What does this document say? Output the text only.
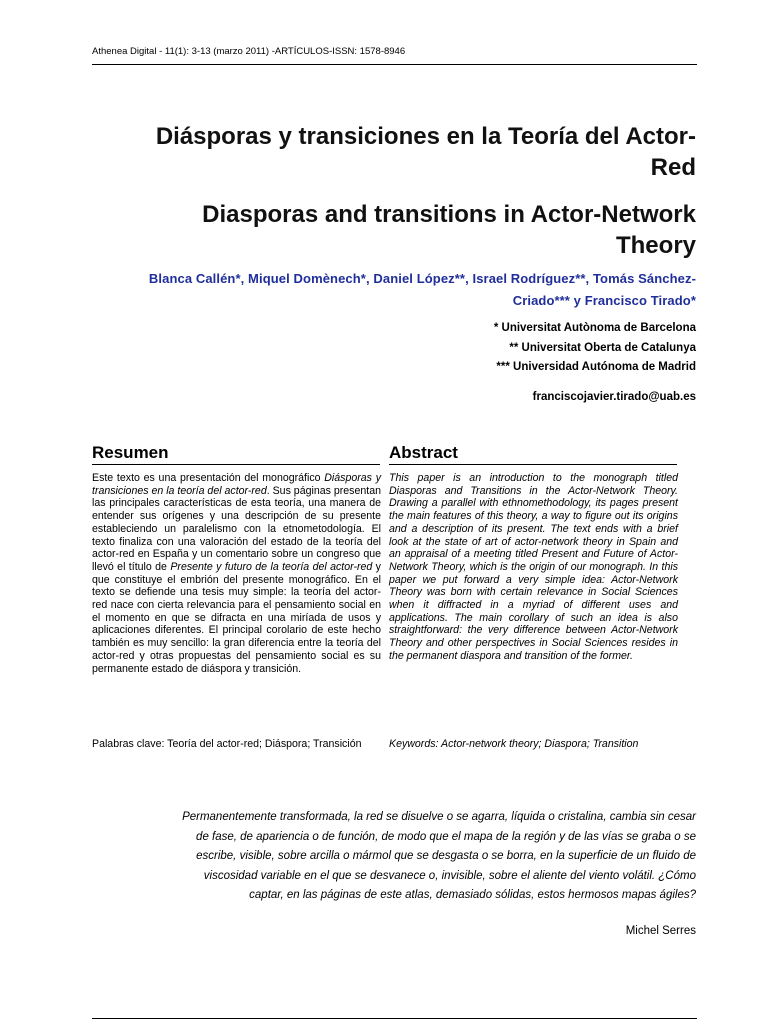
Athenea Digital - 11(1): 3-13 (marzo 2011) -ARTÍCULOS-ISSN: 1578-8946
Diásporas y transiciones en la Teoría del Actor-Red
Diasporas and transitions in Actor-Network Theory
Blanca Callén*, Miquel Domènech*, Daniel López**, Israel Rodríguez**, Tomás Sánchez-Criado*** y Francisco Tirado*
* Universitat Autònoma de Barcelona
** Universitat Oberta de Catalunya
*** Universidad Autónoma de Madrid
franciscojavier.tirado@uab.es
Resumen	Abstract
Este texto es una presentación del monográfico Diásporas y transiciones en la teoría del actor-red. Sus páginas presentan las principales características de esta teoría, una manera de entender sus orígenes y una descripción de su presente estableciendo un paralelismo con la etnometodología. El texto finaliza con una valoración del estado de la teoría del actor-red en España y un comentario sobre un congreso que llevó el título de Presente y futuro de la teoría del actor-red y que constituye el embrión del presente monográfico. En el texto se defiende una tesis muy simple: la teoría del actor-red nace con cierta relevancia para el pensamiento social en el momento en que se difracta en una miríada de usos y aplicaciones diferentes. El principal corolario de este hecho también es muy sencillo: la gran diferencia entre la teoría del actor-red y otras propuestas del pensamiento social es su permanente estado de diáspora y transición.
This paper is an introduction to the monograph titled Diasporas and Transitions in the Actor-Network Theory. Drawing a parallel with ethnomethodology, its pages present the main features of this theory, a way to figure out its origins and a description of its present. The text ends with a brief look at the state of art of actor-network theory in Spain and an appraisal of a meeting titled Present and Future of Actor-Network Theory, which is the origin of our monograph. In this paper we put forward a very simple idea: Actor-Network Theory was born with certain relevance in Social Sciences when it diffracted in a myriad of different uses and applications. The main corollary of such an idea is also straightforward: the very difference between Actor-Network Theory and other perspectives in Social Sciences resides in the permanent diaspora and transition of the former.
Palabras clave: Teoría del actor-red; Diáspora; Transición	Keywords: Actor-network theory; Diaspora; Transition
Permanentemente transformada, la red se disuelve o se agarra, líquida o cristalina, cambia sin cesar de fase, de apariencia o de función, de modo que el mapa de la región y de las vías se graba o se escribe, visible, sobre arcilla o mármol que se desgasta o se borra, en la superficie de un fluido de viscosidad variable en el que se desvanece o, invisible, sobre el aliente del viento volátil. ¿Cómo captar, en las páginas de este atlas, demasiado sólidas, estos hermosos mapas ágiles?
Michel Serres
